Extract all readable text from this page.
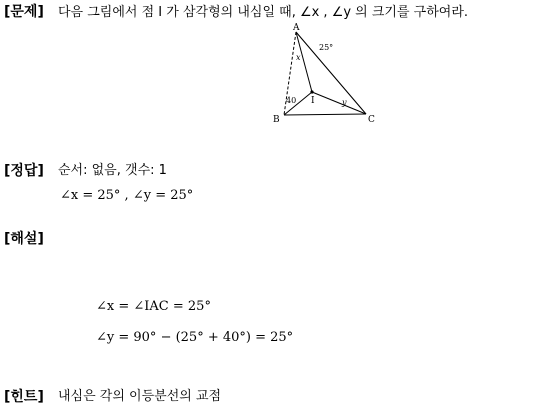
[문제] 다음 그림에서 점 I 가 삼각형의 내심일 때, ∠x , ∠y 의 크기를 구하여라.
A
B	C
I
25°
40
x
y
[정답] 순서: 없음, 갯수: 1
∠x = 25° , ∠y = 25°
[해설]
∠x = ∠IAC = 25°
∠y = 90° − (25° + 40°) = 25°
[힌트] 내심은 각의 이등분선의 교점
